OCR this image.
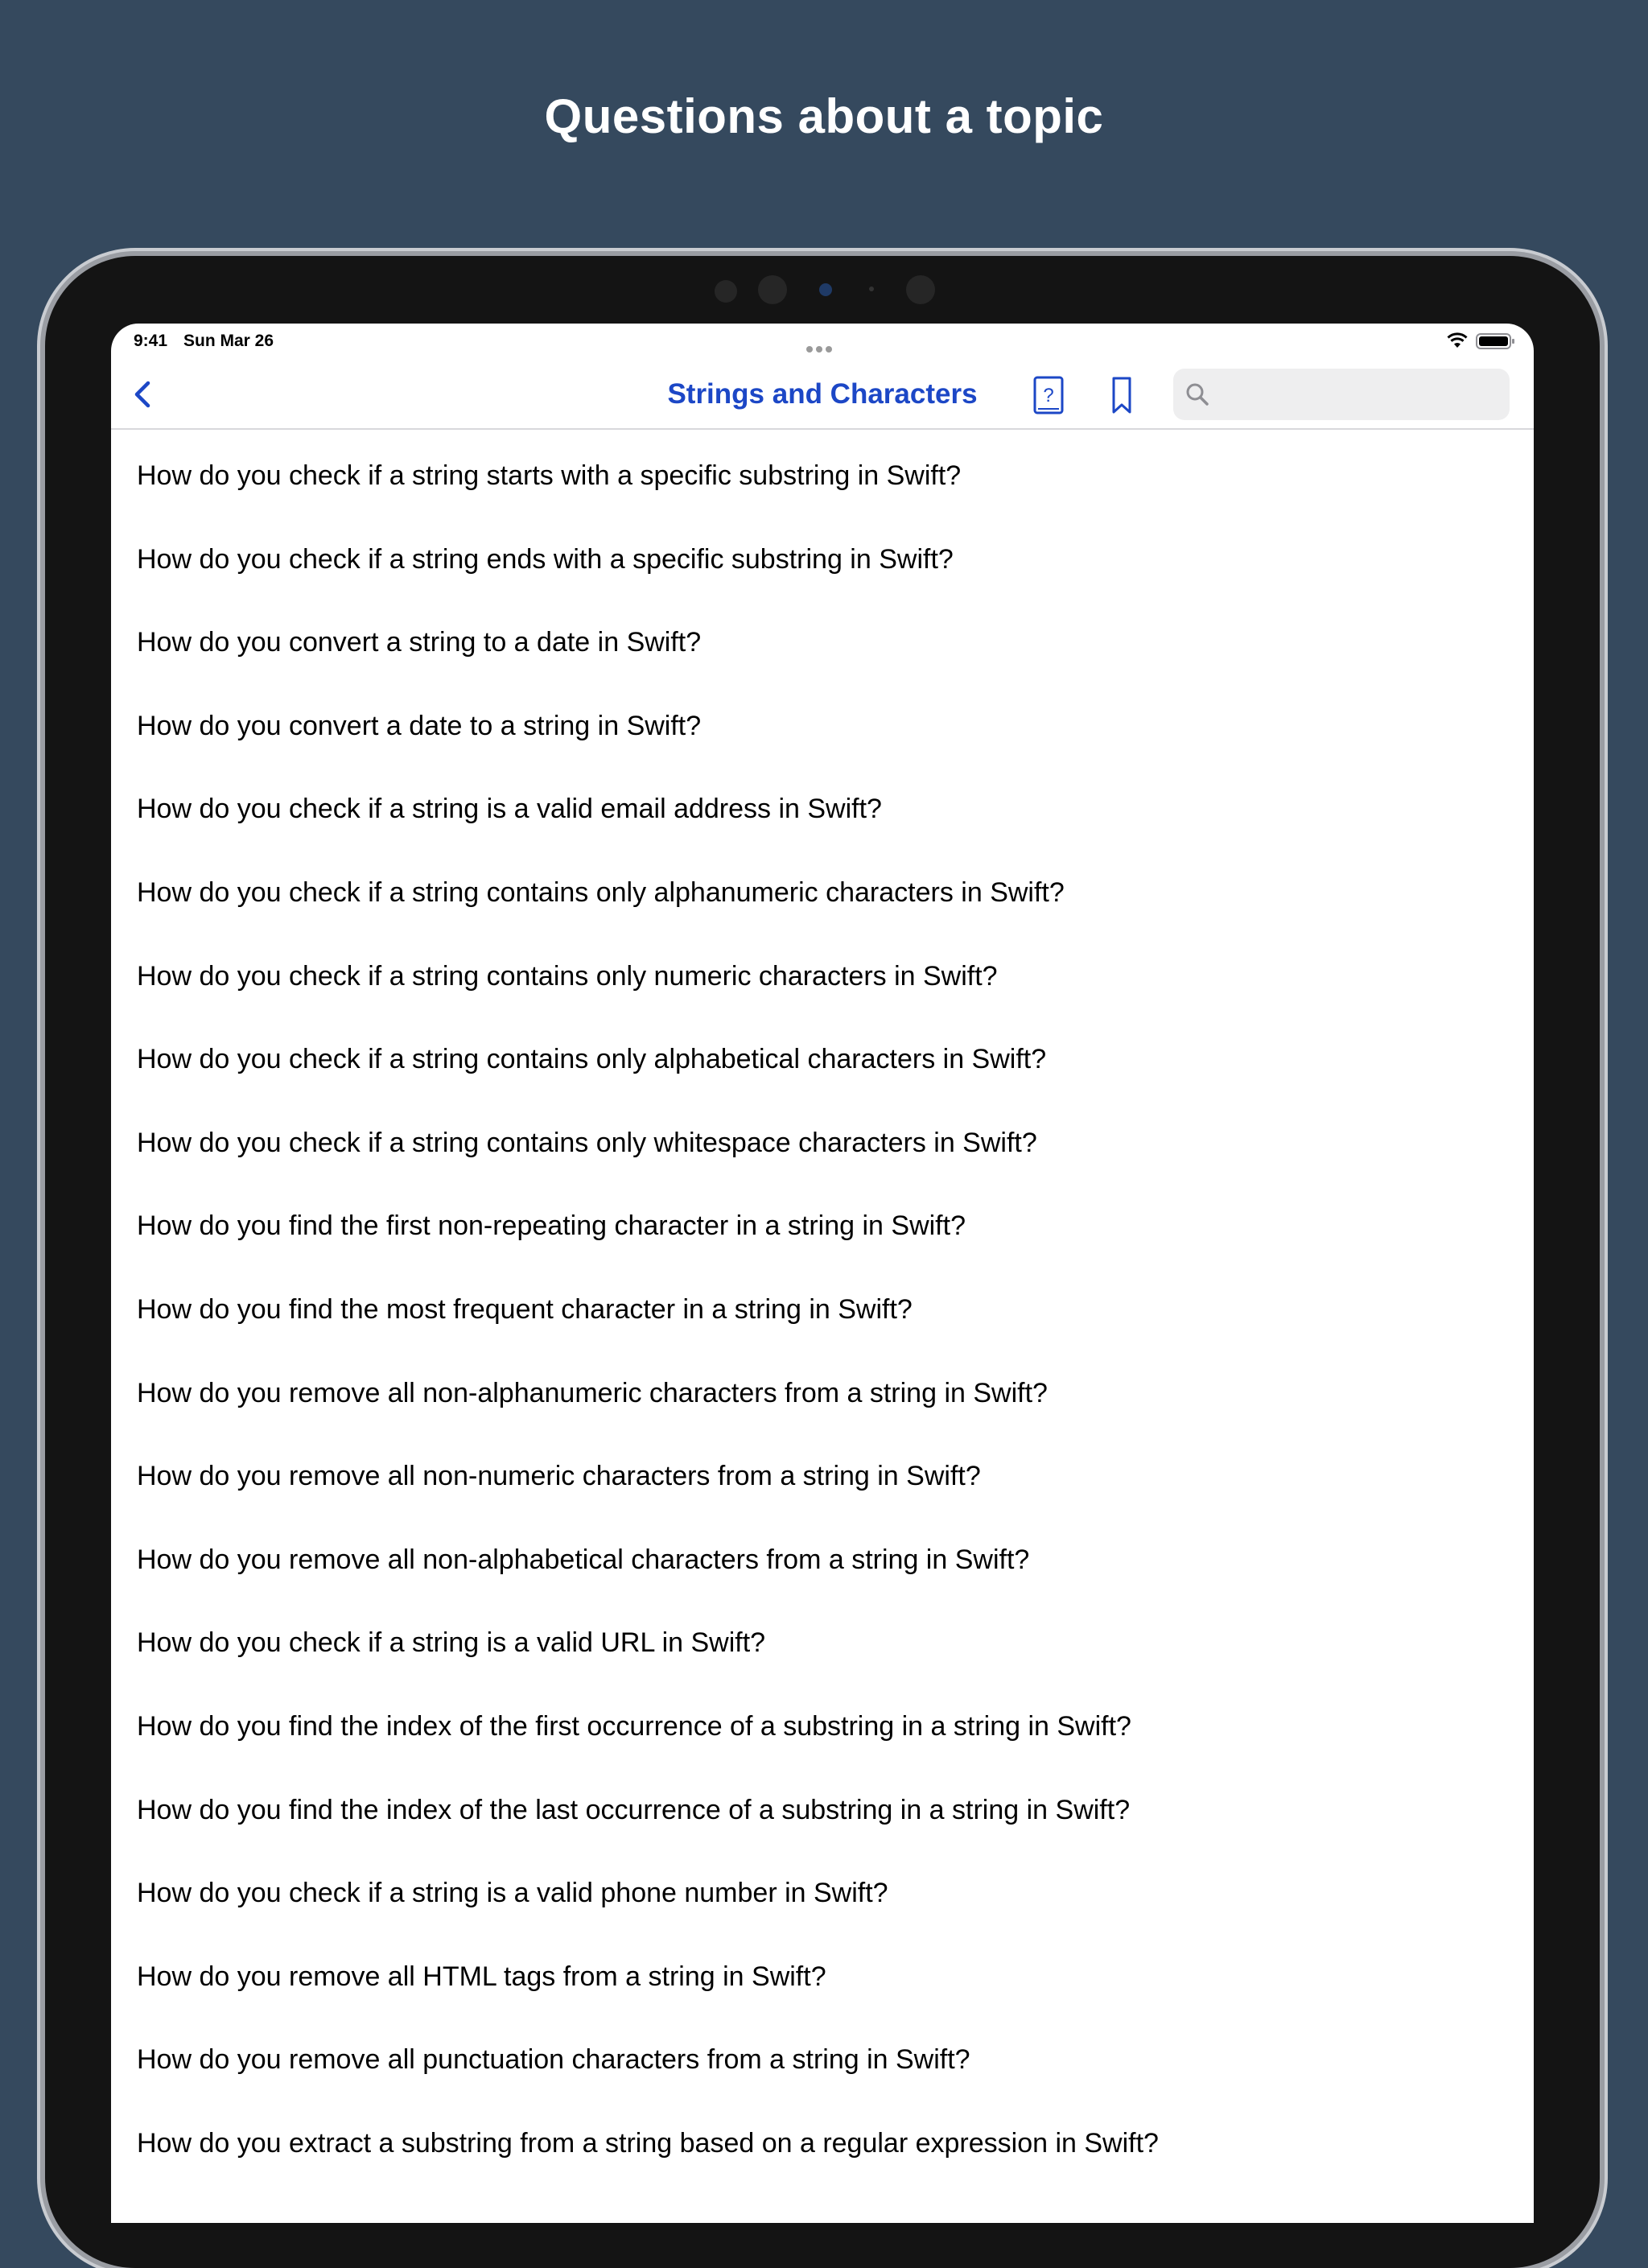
Questions about a topic
9:41 Sun Mar 26
Strings and Characters	?
How do you check if a string starts with a specific substring in Swift?
How do you check if a string ends with a specific substring in Swift?
How do you convert a string to a date in Swift?
How do you convert a date to a string in Swift?
How do you check if a string is a valid email address in Swift?
How do you check if a string contains only alphanumeric characters in Swift?
How do you check if a string contains only numeric characters in Swift?
How do you check if a string contains only alphabetical characters in Swift?
How do you check if a string contains only whitespace characters in Swift?
How do you find the first non-repeating character in a string in Swift?
How do you find the most frequent character in a string in Swift?
How do you remove all non-alphanumeric characters from a string in Swift?
How do you remove all non-numeric characters from a string in Swift?
How do you remove all non-alphabetical characters from a string in Swift?
How do you check if a string is a valid URL in Swift?
How do you find the index of the first occurrence of a substring in a string in Swift?
How do you find the index of the last occurrence of a substring in a string in Swift?
How do you check if a string is a valid phone number in Swift?
How do you remove all HTML tags from a string in Swift?
How do you remove all punctuation characters from a string in Swift?
How do you extract a substring from a string based on a regular expression in Swift?
